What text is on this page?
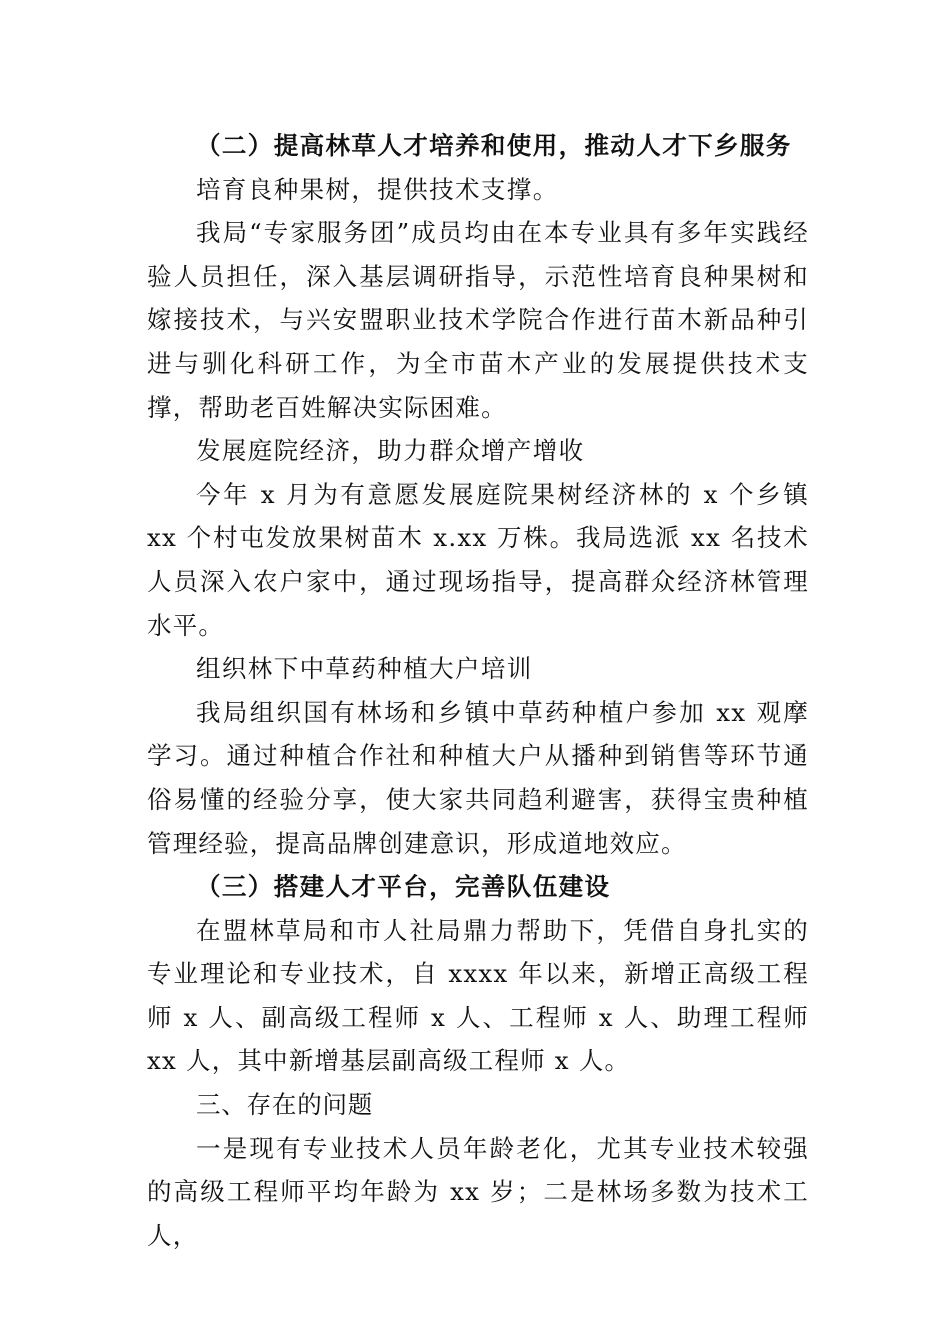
（二）提高林草人才培养和使用，推动人才下乡服务

培育良种果树，提供技术支撑。

我局“专家服务团”成员均由在本专业具有多年实践经验人员担任，深入基层调研指导，示范性培育良种果树和嫁接技术，与兴安盟职业技术学院合作进行苗木新品种引进与驯化科研工作，为全市苗木产业的发展提供技术支撑，帮助老百姓解决实际困难。

发展庭院经济，助力群众增产增收

今年 x 月为有意愿发展庭院果树经济林的 x 个乡镇 xx 个村屯发放果树苗木 x.xx 万株。我局选派 xx 名技术人员深入农户家中，通过现场指导，提高群众经济林管理水平。

组织林下中草药种植大户培训

我局组织国有林场和乡镇中草药种植户参加 xx 观摩学习。通过种植合作社和种植大户从播种到销售等环节通俗易懂的经验分享，使大家共同趋利避害，获得宝贵种植管理经验，提高品牌创建意识，形成道地效应。

（三）搭建人才平台，完善队伍建设

在盟林草局和市人社局鼎力帮助下，凭借自身扎实的专业理论和专业技术，自 xxxx 年以来，新增正高级工程师 x 人、副高级工程师 x 人、工程师 x 人、助理工程师 xx 人，其中新增基层副高级工程师 x 人。

三、存在的问题

一是现有专业技术人员年龄老化，尤其专业技术较强的高级工程师平均年龄为 xx 岁；二是林场多数为技术工人，
